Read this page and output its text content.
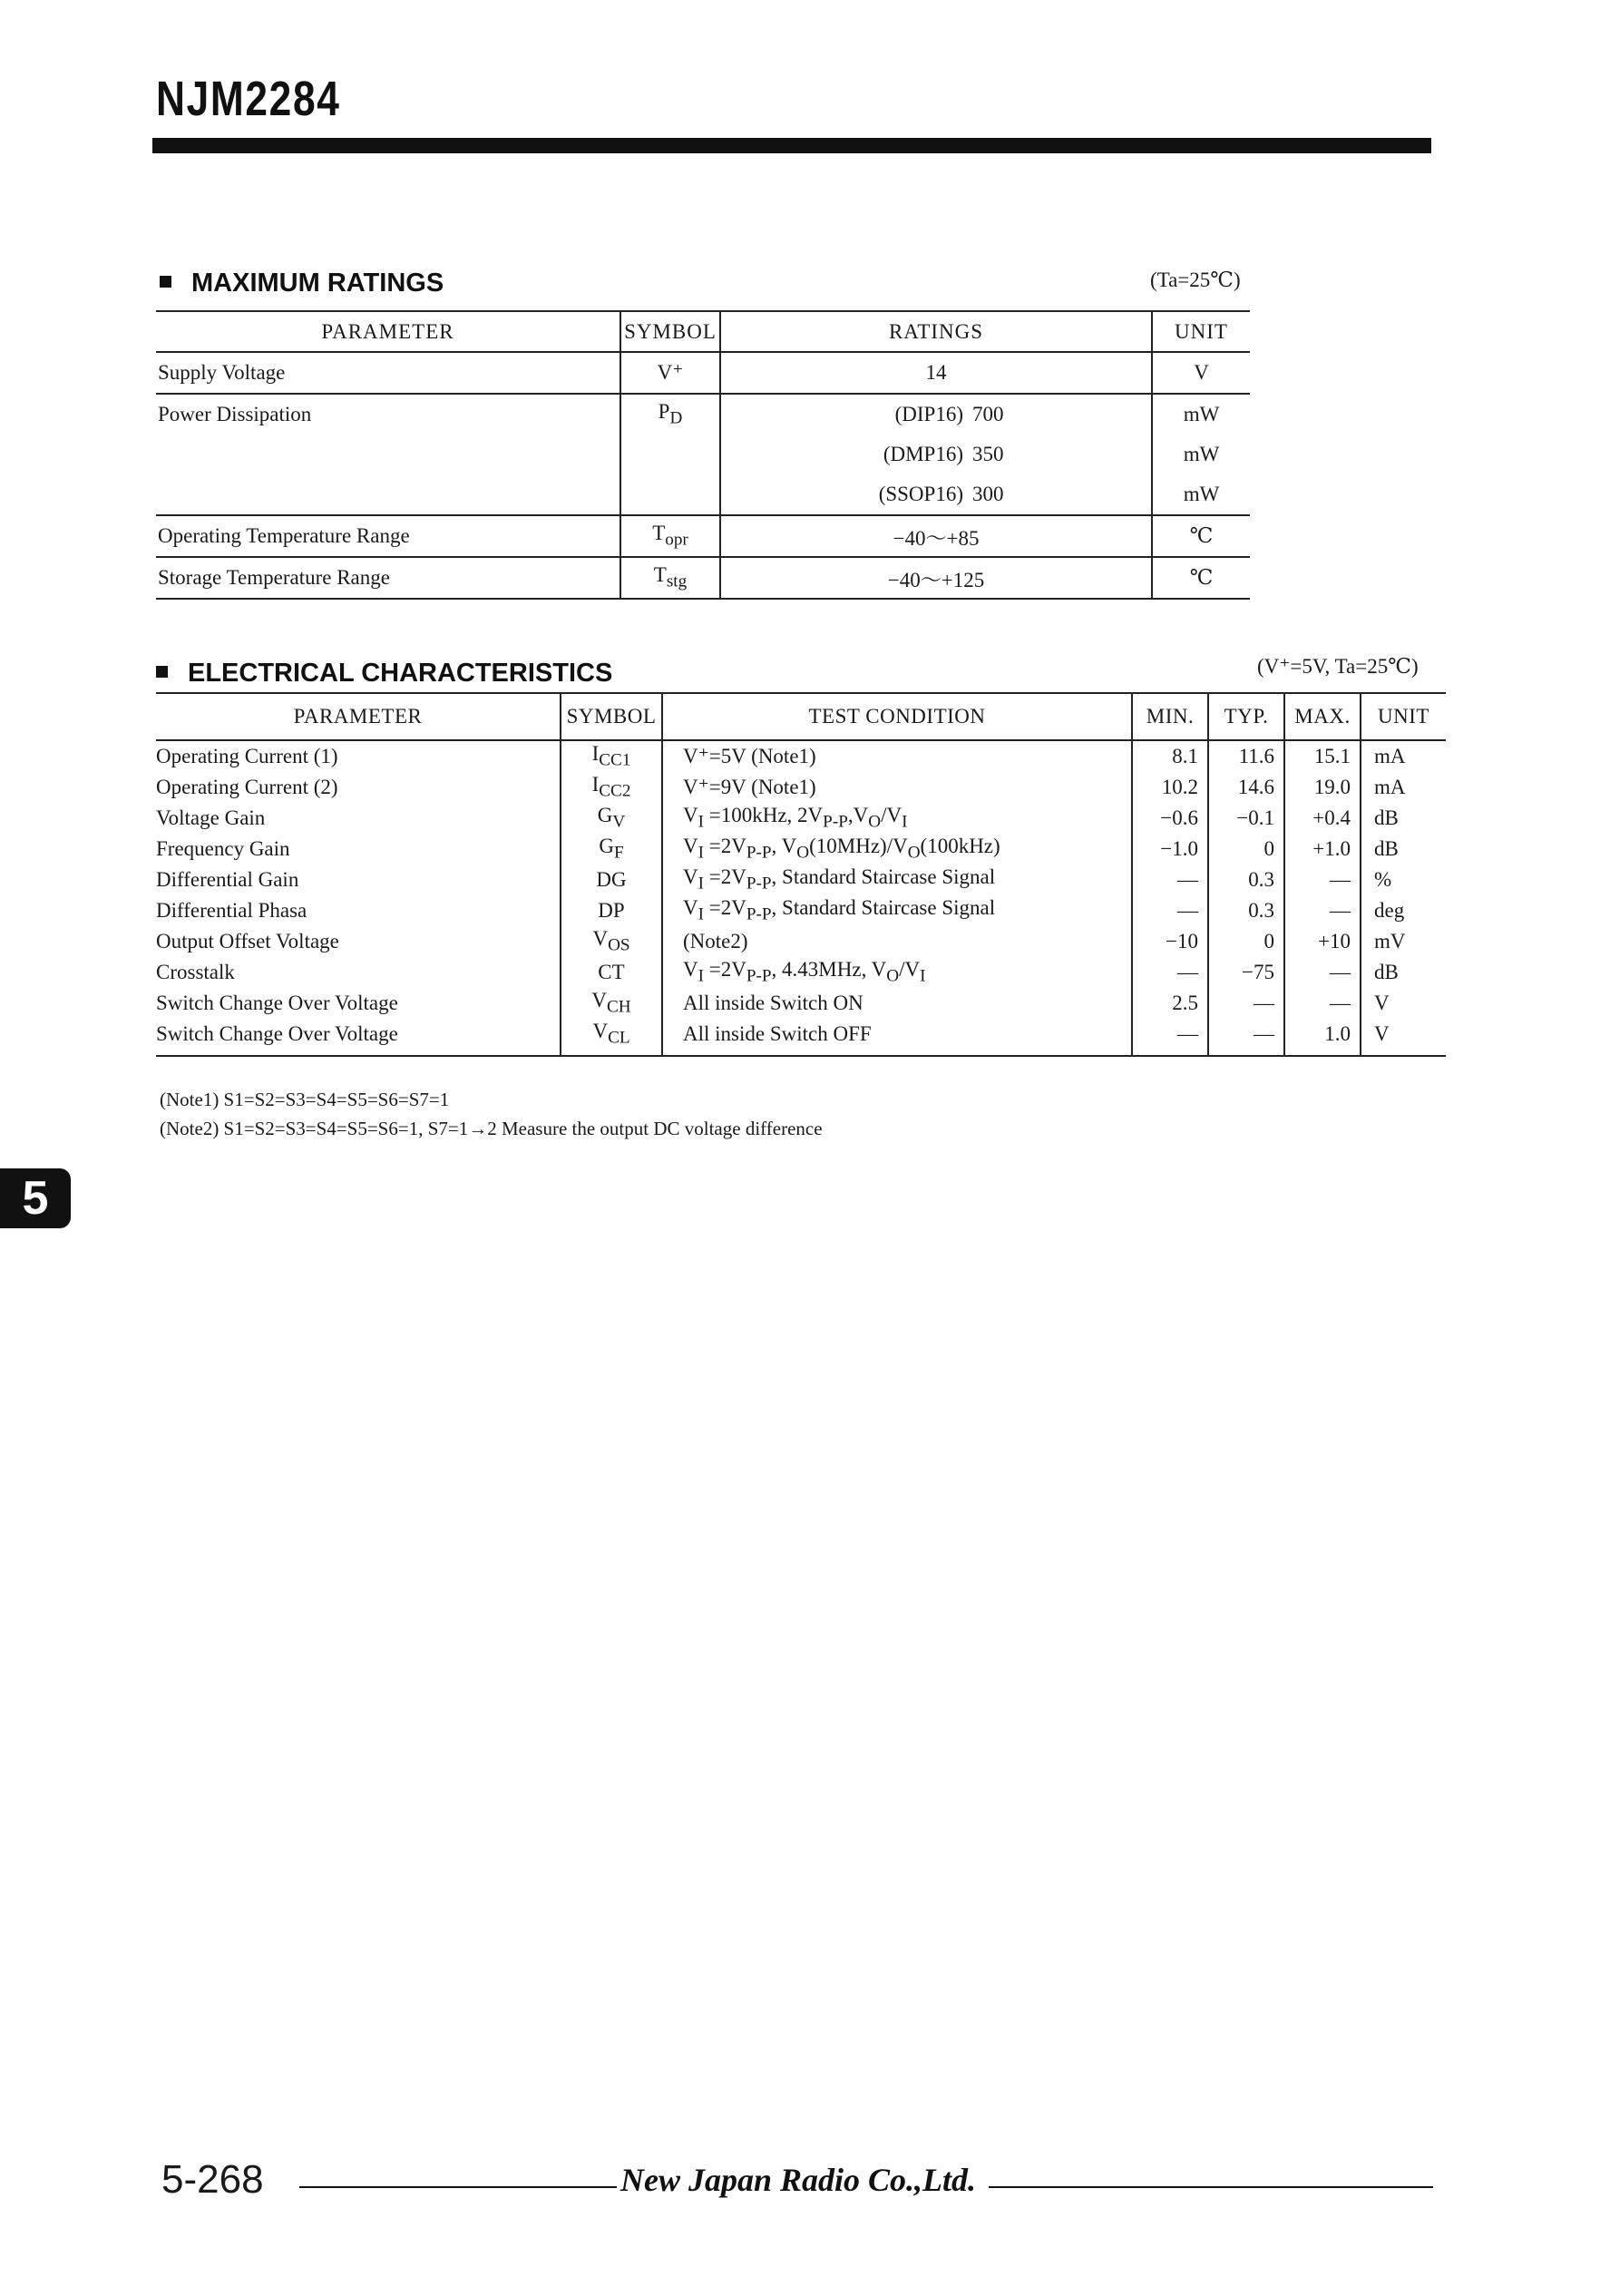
NJM2284
MAXIMUM RATINGS	(Ta=25℃)
PARAMETER	SYMBOL	RATINGS	UNIT
Supply Voltage	V⁺	14	V
Power Dissipation	$P_D$	(DIP16) 700	mW
		(DMP16) 350	mW
		(SSOP16) 300	mW
Operating Temperature Range	$T_{opr}$	−40～+85	℃
Storage Temperature Range	$T_{stg}$	−40～+125	℃
ELECTRICAL CHARACTERISTICS	(V⁺=5V, Ta=25℃)
PARAMETER	SYMBOL	TEST CONDITION	MIN.	TYP.	MAX.	UNIT
Operating Current (1)	$I_{CC1}$	V⁺=5V (Note1)	8.1	11.6	15.1	mA
Operating Current (2)	$I_{CC2}$	V⁺=9V (Note1)	10.2	14.6	19.0	mA
Voltage Gain	$G_V$	$V_I =100kHz$, $2V_{P-P},V_O/V_I$	−0.6	−0.1	+0.4	dB
Frequency Gain	$G_F$	$V_I =2V_{P-P}$, $V_O(10MHz)/V_O(100kHz)$	−1.0	0	+1.0	dB
Differential Gain	DG	$V_I =2V_{P-P}$, Standard Staircase Signal	—	0.3	—	%
Differential Phasa	DP	$V_I =2V_{P-P}$, Standard Staircase Signal	—	0.3	—	deg
Output Offset Voltage	$V_{OS}$	(Note2)	−10	0	+10	mV
Crosstalk	CT	$V_I =2V_{P-P}$, 4.43MHz, $V_O/V_I$	—	−75	—	dB
Switch Change Over Voltage	$V_{CH}$	All inside Switch ON	2.5	—	—	V
Switch Change Over Voltage	$V_{CL}$	All inside Switch OFF	—	—	1.0	V
(Note1) S1=S2=S3=S4=S5=S6=S7=1
(Note2) S1=S2=S3=S4=S5=S6=1, S7=1→2 Measure the output DC voltage difference
5
5-268	New Japan Radio Co.,Ltd.
